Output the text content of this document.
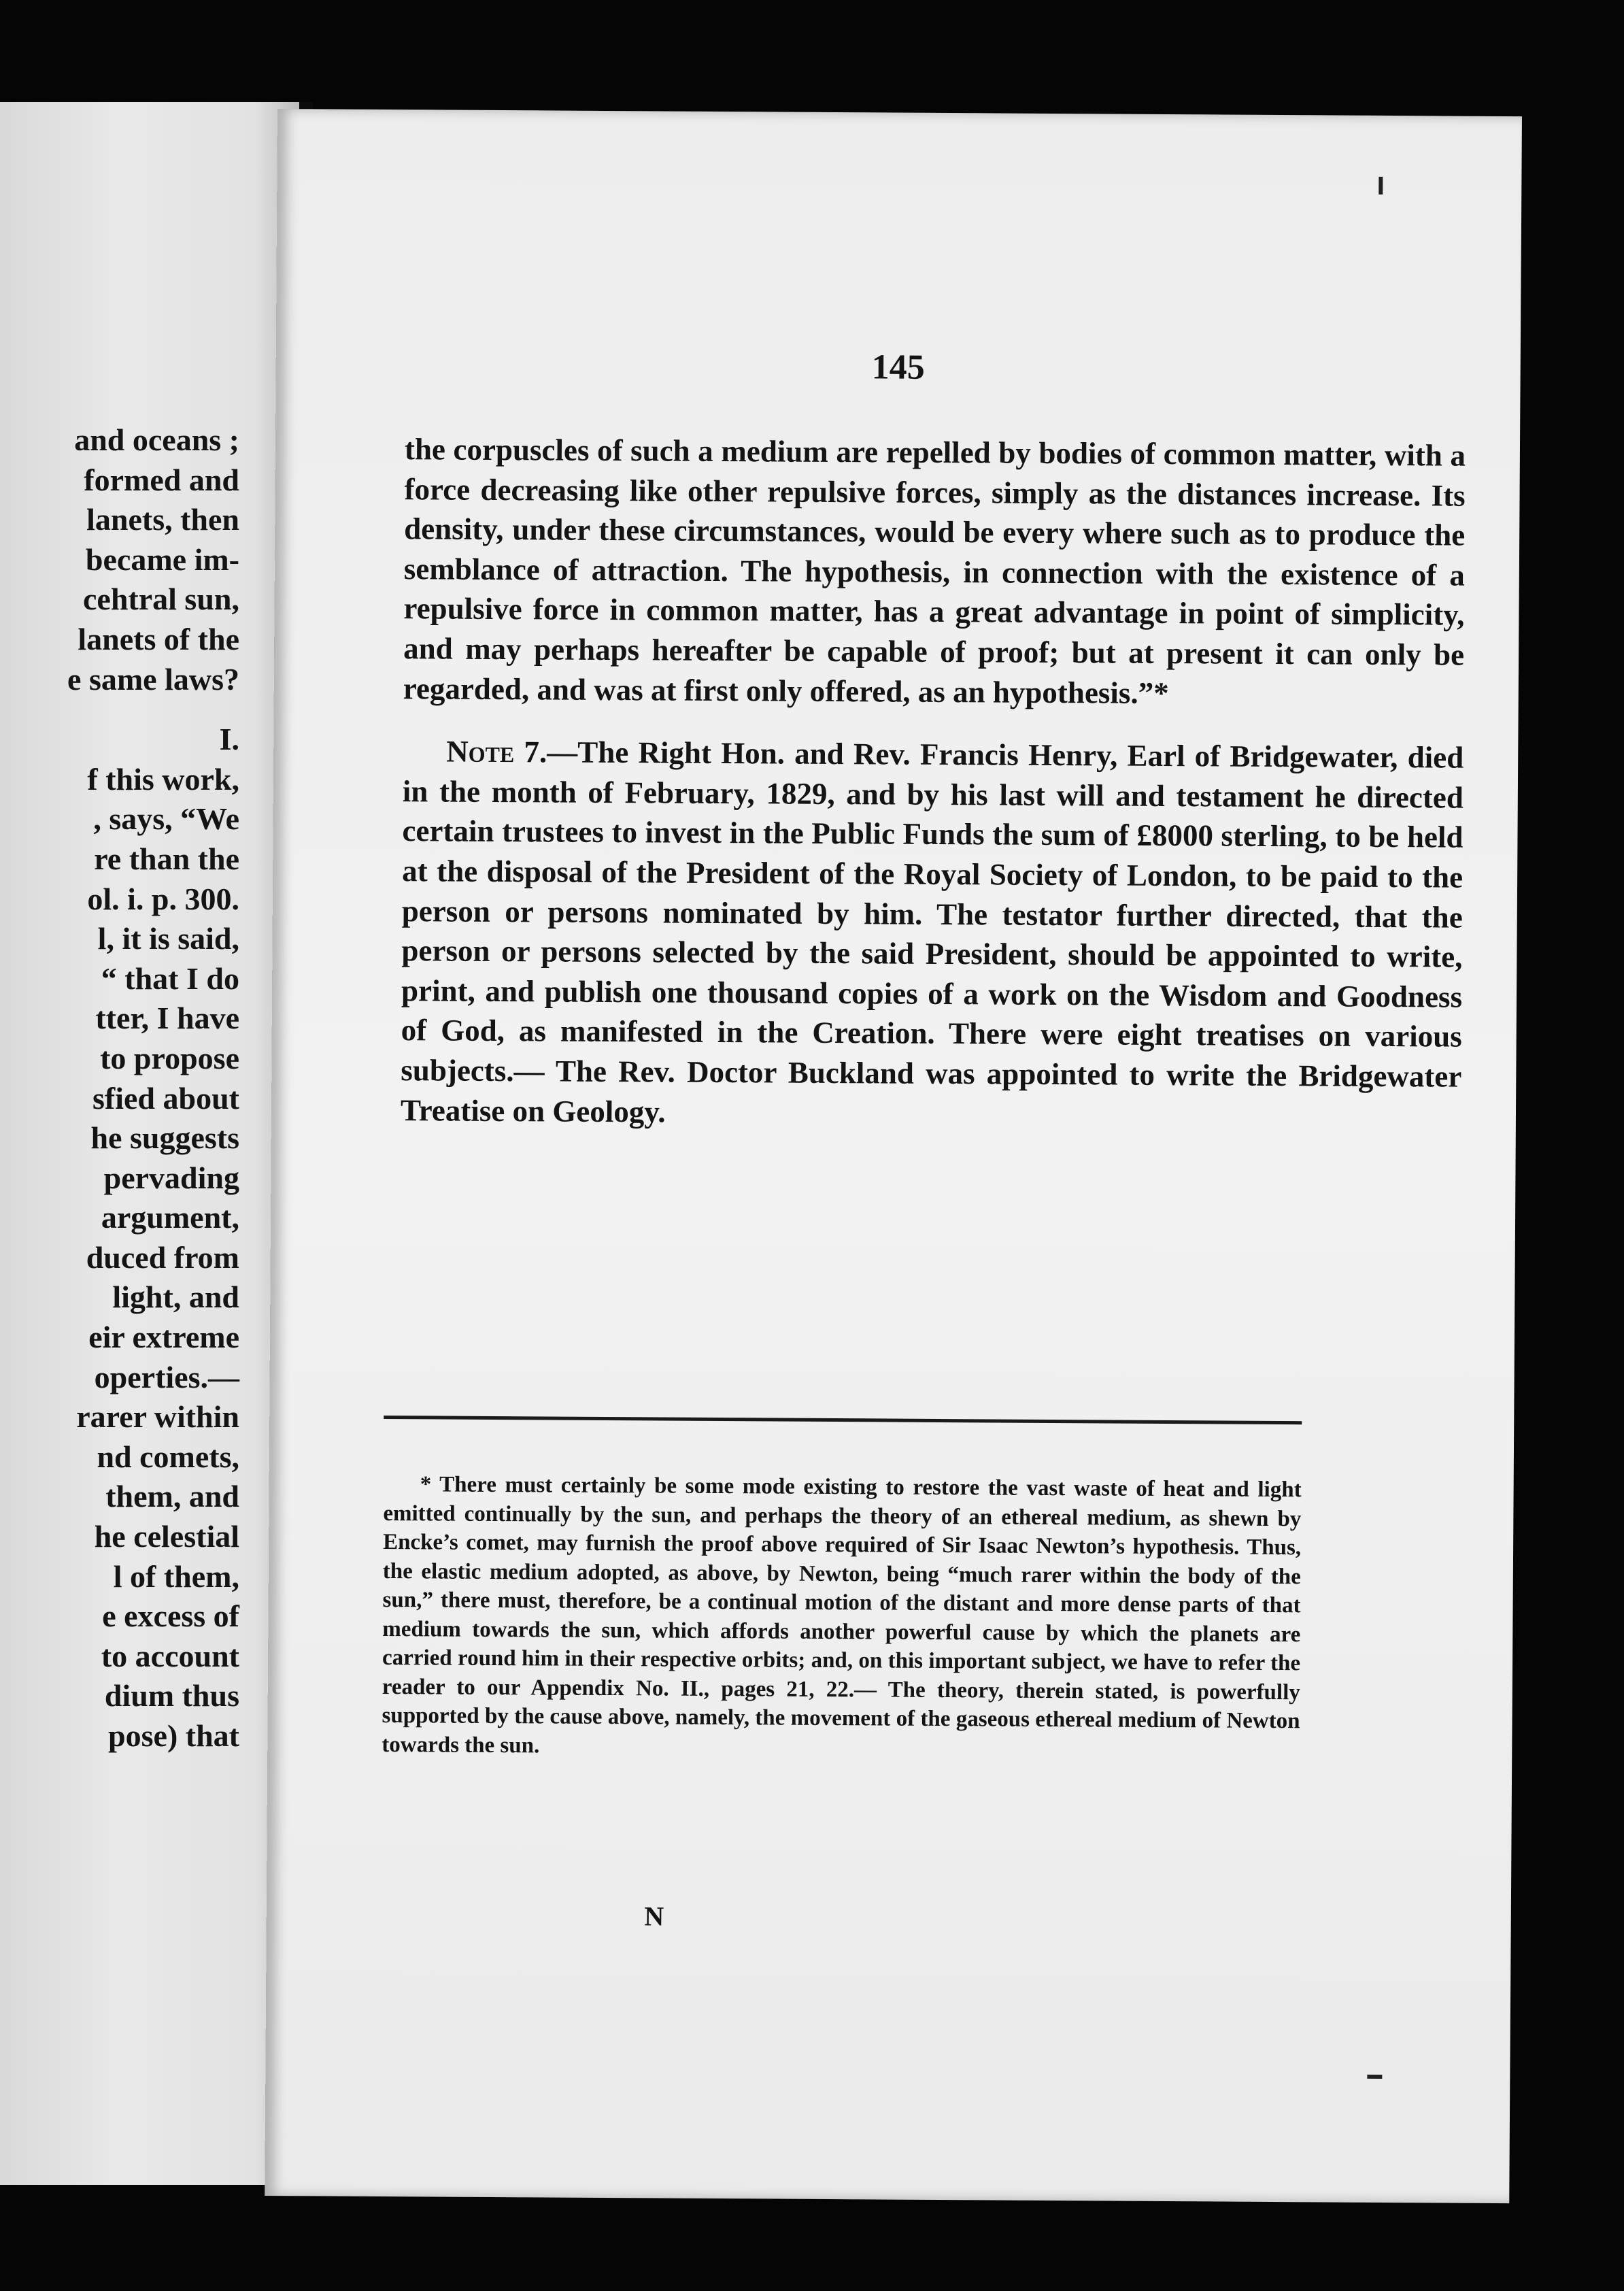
and oceans ;
formed and
lanets, then
became im-
cehtral sun,
lanets of the
e same laws?
I.
f this work,
, says, “We
re than the
ol. i. p. 300.
l, it is said,
“ that I do
tter, I have
to propose
sfied about
he suggests
pervading
argument,
duced from
light, and
eir extreme
operties.—
rarer within
nd comets,
them, and
he celestial
l of them,
e excess of
to account
dium thus
pose) that
145

the corpuscles of such a medium are repelled by bodies of common matter, with a force decreasing like other repulsive forces, simply as the distances increase. Its density, under these circumstances, would be every where such as to produce the semblance of attraction. The hypothesis, in connection with the existence of a repulsive force in common matter, has a great advantage in point of simplicity, and may perhaps hereafter be capable of proof; but at present it can only be regarded, and was at first only offered, as an hypothesis.”*

Note 7.—The Right Hon. and Rev. Francis Henry, Earl of Bridgewater, died in the month of February, 1829, and by his last will and testament he directed certain trustees to invest in the Public Funds the sum of £8000 sterling, to be held at the disposal of the President of the Royal Society of London, to be paid to the person or persons nominated by him. The testator further directed, that the person or persons selected by the said President, should be appointed to write, print, and publish one thousand copies of a work on the Wisdom and Goodness of God, as manifested in the Creation. There were eight treatises on various subjects.— The Rev. Doctor Buckland was appointed to write the Bridgewater Treatise on Geology.

* There must certainly be some mode existing to restore the vast waste of heat and light emitted continually by the sun, and perhaps the theory of an ethereal medium, as shewn by Encke’s comet, may furnish the proof above required of Sir Isaac Newton’s hypothesis. Thus, the elastic medium adopted, as above, by Newton, being “much rarer within the body of the sun,” there must, therefore, be a continual motion of the distant and more dense parts of that medium towards the sun, which affords another powerful cause by which the planets are carried round him in their respective orbits; and, on this important subject, we have to refer the reader to our Appendix No. II., pages 21, 22.— The theory, therein stated, is powerfully supported by the cause above, namely, the movement of the gaseous ethereal medium of Newton towards the sun.

N
